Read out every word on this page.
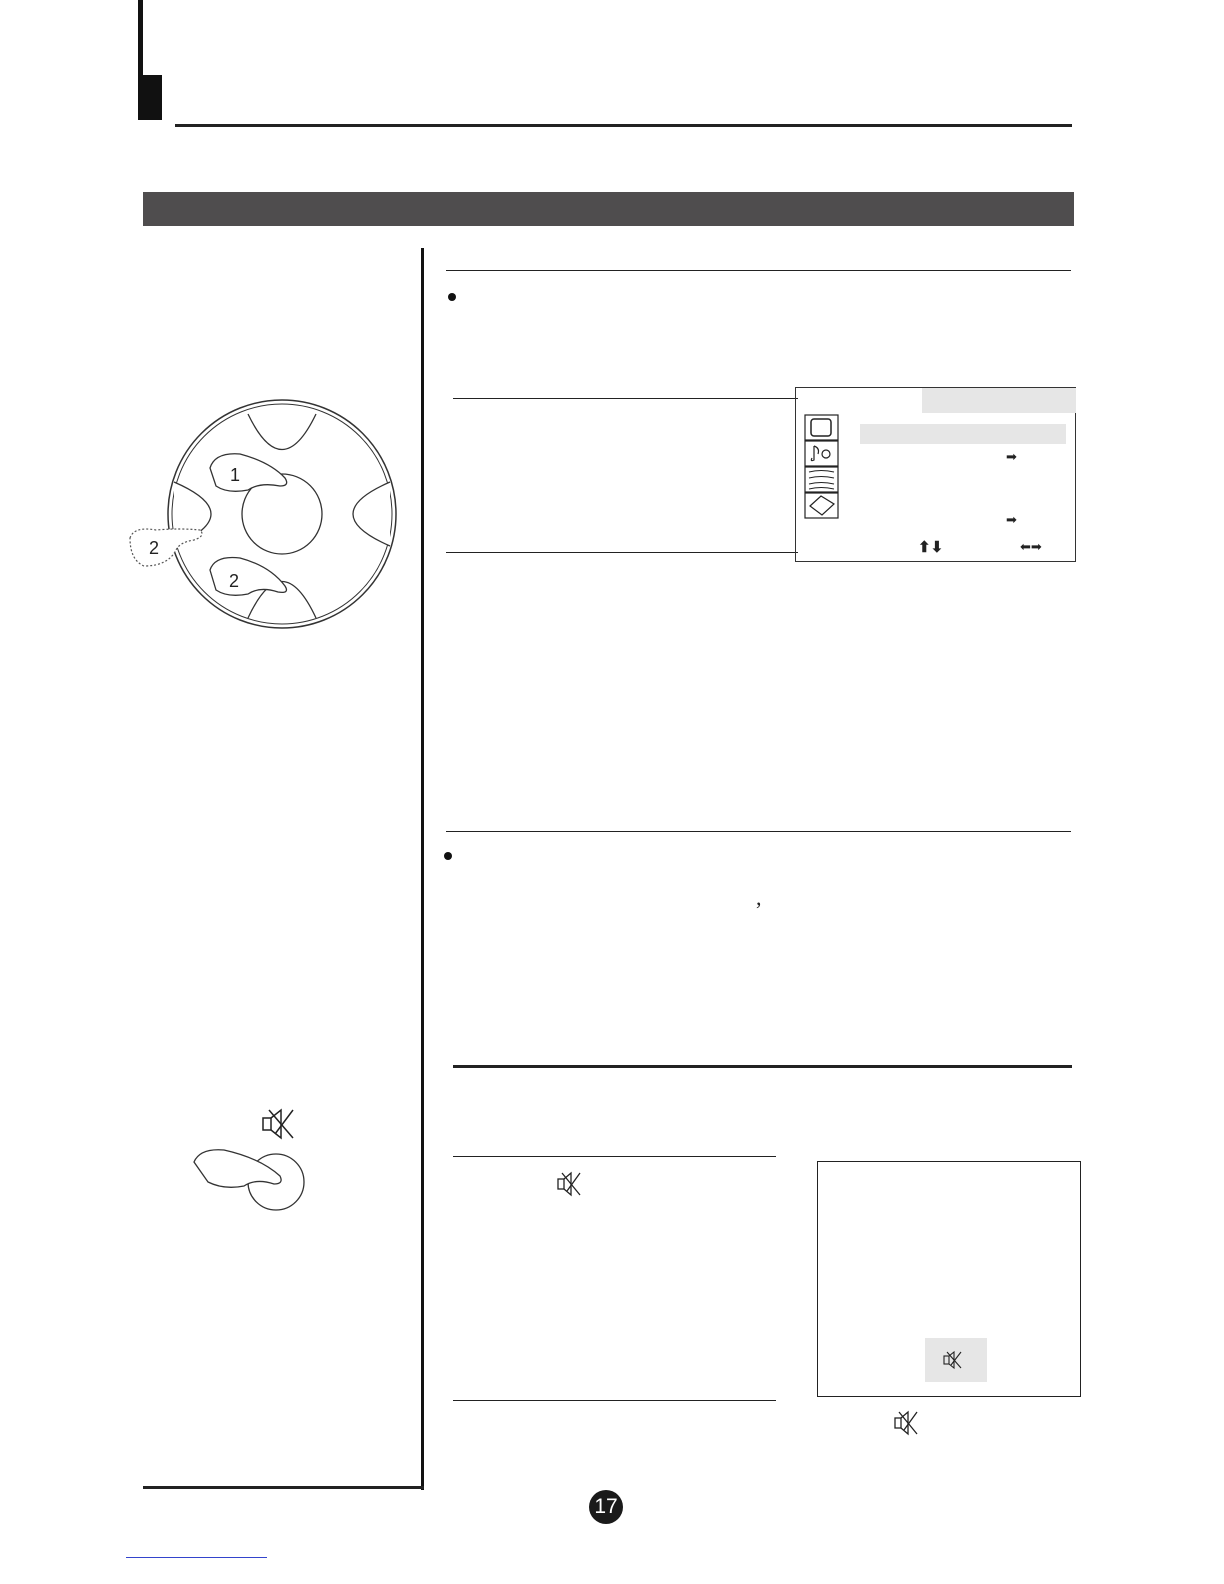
1
2
2
➡
➡
⬆⬇	⬅➡
,
17
